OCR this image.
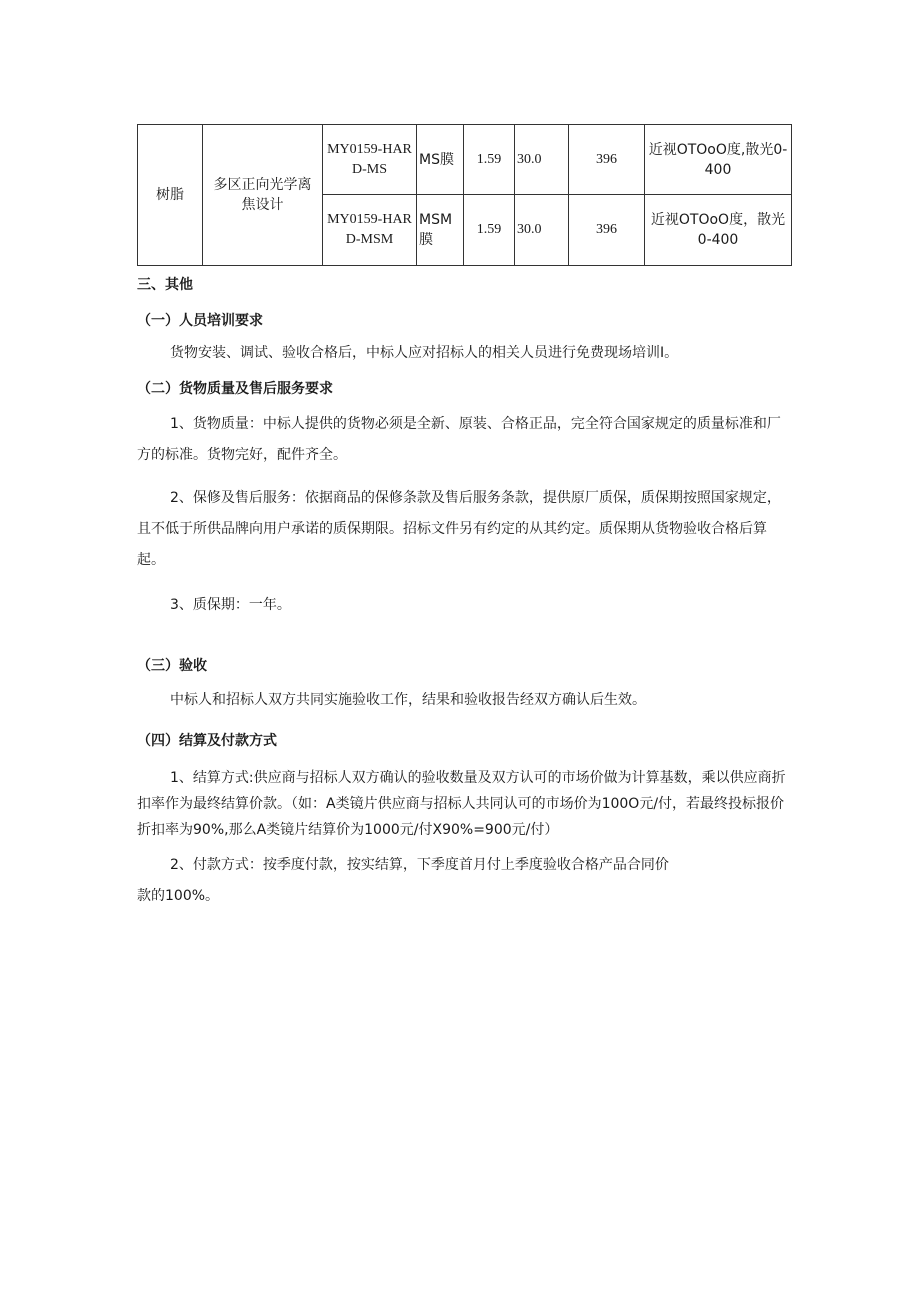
树脂	多区正向光学离焦设计	MY0159-HARD-MS	MS膜	1.59	30.0	396	近视OTOoO度,散光0-400
		MY0159-HARD-MSM	MSM膜	1.59	30.0	396	近视OTOoO度，散光0-400
三、其他
（一）人员培训要求
货物安装、调试、验收合格后，中标人应对招标人的相关人员进行免费现场培训I。
（二）货物质量及售后服务要求
1、货物质量：中标人提供的货物必须是全新、原装、合格正品，完全符合国家规定的质量标准和厂方的标准。货物完好，配件齐全。
2、保修及售后服务：依据商品的保修条款及售后服务条款，提供原厂质保，质保期按照国家规定，且不低于所供品牌向用户承诺的质保期限。招标文件另有约定的从其约定。质保期从货物验收合格后算起。
3、质保期：一年。
（三）验收
中标人和招标人双方共同实施验收工作，结果和验收报告经双方确认后生效。
（四）结算及付款方式
1、结算方式:供应商与招标人双方确认的验收数量及双方认可的市场价做为计算基数，乘以供应商折扣率作为最终结算价款。（如：A类镜片供应商与招标人共同认可的市场价为100O元/付，若最终投标报价折扣率为90%,那么A类镜片结算价为1000元/付X90%=900元/付）
2、付款方式：按季度付款，按实结算，下季度首月付上季度验收合格产品合同价
款的100%。
